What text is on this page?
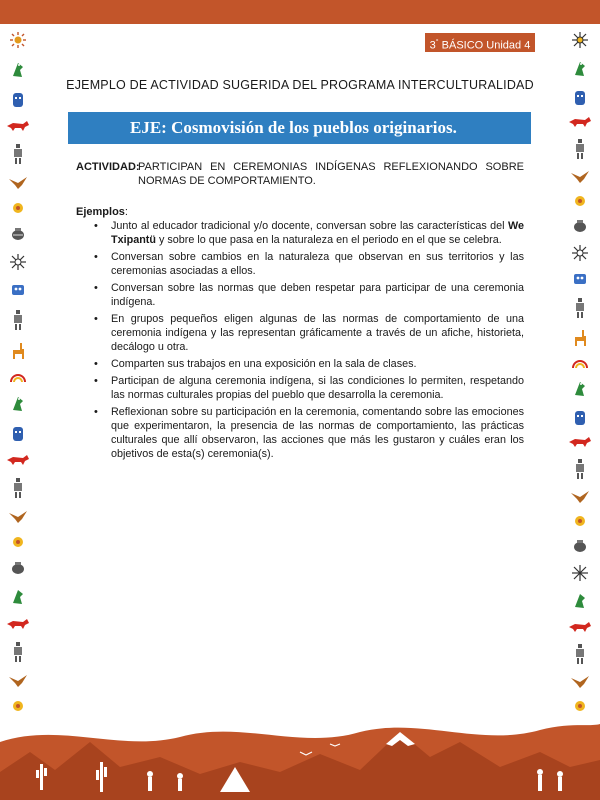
3° BÁSICO Unidad 4
EJEMPLO DE ACTIVIDAD SUGERIDA DEL PROGRAMA INTERCULTURALIDAD
EJE: Cosmovisión de los pueblos originarios.
ACTIVIDAD:
PARTICIPAN EN CEREMONIAS INDÍGENAS REFLEXIONANDO SOBRE NORMAS DE COMPORTAMIENTO.
Ejemplos:
• Junto al educador tradicional y/o docente, conversan sobre las características del We Txipantü y sobre lo que pasa en la naturaleza en el periodo en el que se celebra.
• Conversan sobre cambios en la naturaleza que observan en sus territorios y las ceremonias asociadas a ellos.
• Conversan sobre las normas que deben respetar para participar de una ceremonia indígena.
• En grupos pequeños eligen algunas de las normas de comportamiento de una ceremonia indígena y las representan gráficamente a través de un afiche, historieta, decálogo u otra.
• Comparten sus trabajos en una exposición en la sala de clases.
• Participan de alguna ceremonia indígena, si las condiciones lo permiten, respetando las normas culturales propias del pueblo que desarrolla la ceremonia.
• Reflexionan sobre su participación en la ceremonia, comentando sobre las emociones que experimentaron, la presencia de las normas de comportamiento, las prácticas culturales que allí observaron, las acciones que más les gustaron y cuáles eran los objetivos de esta(s) ceremonia(s).
